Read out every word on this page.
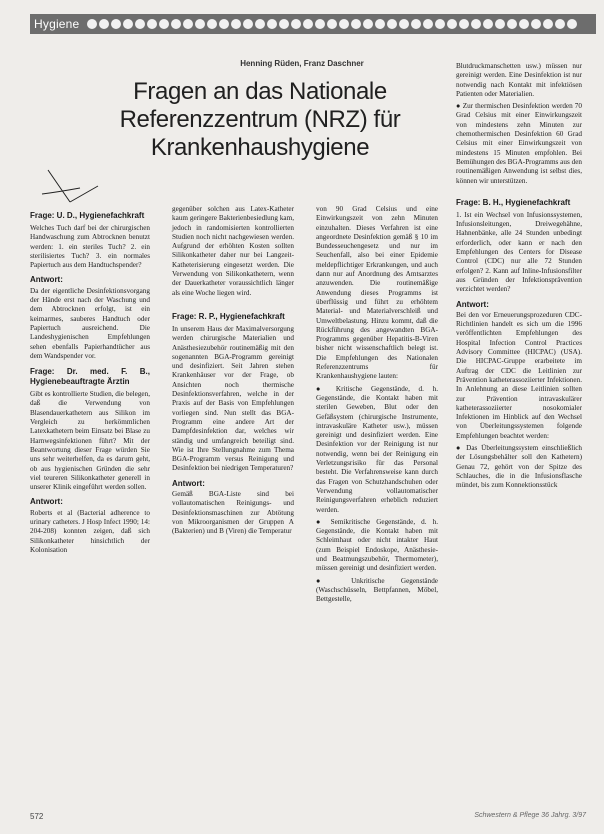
Hygiene
Henning Rüden, Franz Daschner
Fragen an das Nationale Referenzzentrum (NRZ) für Krankenhaushygiene
Frage: U. D., Hygienefachkraft

Welches Tuch darf bei der chirurgischen Handwaschung zum Abtrocknen benutzt werden: 1. ein steriles Tuch? 2. ein sterilisiertes Tuch? 3. ein normales Papiertuch aus dem Handtuchspender?

Antwort:

Da der eigentliche Desinfektionsvorgang der Hände erst nach der Waschung und dem Abtrocknen erfolgt, ist ein keimarmes, sauberes Handtuch oder Papiertuch ausreichend. Die Landeshygienischen Empfehlungen sehen ebenfalls Papierhandtücher aus dem Wandspender vor.

Frage: Dr. med. F. B., Hygienebeauftragte Ärztin

Gibt es kontrollierte Studien, die belegen, daß die Verwendung von Blasendauerkathetern aus Silikon im Vergleich zu herkömmlichen Latexkathetern beim Einsatz bei Blase zu Harnwegsinfektionen führt? Mit der Beantwortung dieser Frage würden Sie uns sehr weiterhelfen, da es darum geht, ob aus hygienischen Gründen die sehr viel teureren Silikonkatheter generell in unserer Klinik eingeführt werden sollen.

Antwort:

Roberts et al (Bacterial adherence to urinary catheters. J Hosp Infect 1990; 14: 204-208) konnten zeigen, daß sich Silikonkatheter hinsichtlich der Kolonisation

gegenüber solchen aus Latex-Katheter kaum geringere Bakterienbesiedlung kam, jedoch in randomisierten kontrollierten Studien noch nicht nachgewiesen werden. Aufgrund der erhöhten Kosten sollten Silikonkatheter daher nur bei Langzeit-Katheterisierung eingesetzt werden. Die Verwendung von Silikonkathetern, wenn der Dauerkatheter voraussichtlich länger als eine Woche liegen wird.

Frage: R. P., Hygienefachkraft

In unserem Haus der Maximalversorgung werden chirurgische Materialien und Anästhesiezubehör routinemäßig mit den sogenannten BGA-Programm gereinigt und desinfiziert. Seit Jahren stehen Krankenhäuser vor der Frage, ob Ansichten noch thermische Desinfektionsverfahren, welche in der Praxis auf der Basis von Empfehlungen vorliegen sind. Nun stellt das BGA-Programm eine andere Art der Dampfdesinfektion dar, welches wir ständig und umfangreich beteiligt sind. Wie ist Ihre Stellungnahme zum Thema BGA-Programm versus Reinigung und Desinfektion bei niedrigen Temperaturen?

Antwort:

Gemäß BGA-Liste sind bei vollautomatischen Reinigungs- und Desinfektionsmaschinen zur Abtötung von Mikroorganismen der Gruppen A (Bakterien) und B (Viren) die Temperatur

von 90 Grad Celsius und eine Einwirkungszeit von zehn Minuten einzuhalten. Dieses Verfahren ist eine angeordnete Desinfektion gemäß § 10 im Bundesseuchengesetz und nur im Seuchenfall, also bei einer Epidemie meldepflichtiger Erkrankungen, und auch dann nur auf Anordnung des Amtsarztes anzuwenden. Die routinemäßige Anwendung dieses Programms ist überflüssig und führt zu erhöhtem Material- und Materialverschleiß und Umweltbelastung. Hinzu kommt, daß die Rückführung des angewandten BGA-Programms gegenüber Hepatitis-B-Viren bisher nicht wissenschaftlich belegt ist. Die Empfehlungen des Nationalen Referenzzentrums für Krankenhaushygiene lauten:

● Kritische Gegenstände, d. h. Gegenstände, die Kontakt haben mit sterilen Geweben, Blut oder den Gefäßsystem (chirurgische Instrumente, intravaskuläre Katheter usw.), müssen gereinigt und desinfiziert werden. Eine Desinfektion vor der Reinigung ist nur notwendig, wenn bei der Reinigung ein Verletzungsrisiko für das Personal besteht. Die Verfahrensweise kann durch das Fragen von Schutzhandschuhen oder Verwendung vollautomatischer Reinigungsverfahren erheblich reduziert werden.

● Semikritische Gegenstände, d. h. Gegenstände, die Kontakt haben mit Schleimhaut oder nicht intakter Haut (zum Beispiel Endoskope, Anästhesie- und Beatmungszubehör, Thermometer), müssen gereinigt und desinfiziert werden.

● Unkritische Gegenstände (Waschschüsseln, Bettpfannen, Möbel, Bettgestelle,

Blutdruckmanschetten usw.) müssen nur gereinigt werden. Eine Desinfektion ist nur notwendig nach Kontakt mit infektiösen Patienten oder Materialien.

● Zur thermischen Desinfektion werden 70 Grad Celsius mit einer Einwirkungszeit von mindestens zehn Minuten zur chemothermischen Desinfektion 60 Grad Celsius mit einer Einwirkungszeit von mindestens 15 Minuten empfohlen. Bei Bemühungen des BGA-Programms aus den routinemäßigen Anwendung ist selbst dies, können wir unterstützen.

Frage: B. H., Hygienefachkraft

1. Ist ein Wechsel von Infusionssystemen, Infusionsleitungen, Dreiwegehähne, Hahnenbänke, alle 24 Stunden unbedingt erforderlich, oder kann er nach den Empfehlungen des Centers for Disease Control (CDC) nur alle 72 Stunden erfolgen? 2. Kann auf Inline-Infusionsfilter aus Gründen der Infektionsprävention verzichtet werden?

Antwort:

Bei den vor Erneuerungsprozeduren CDC-Richtlinien handelt es sich um die 1996 veröffentlichten Empfehlungen des Hospital Infection Control Practices Advisory Committee (HICPAC) (USA). Die HICPAC-Gruppe erarbeitete im Auftrag der CDC die Leitlinien zur Prävention katheterassoziierter Infektionen. In Anlehnung an diese Leitlinien sollten zur Prävention intravaskulärer katheterassoziierter nosokomialer Infektionen im Hinblick auf den Wechsel von Überleitungssystemen folgende Empfehlungen beachtet werden:

● Das Überleitungssystem einschließlich der Lösungsbehälter soll den Kathetern) Genau 72, gehört von der Spitze des Schlauches, die in die Infusionsflasche mündet, bis zum Konnektionsstück

572	Schwestern & Pflege 36 Jahrg. 3/97
